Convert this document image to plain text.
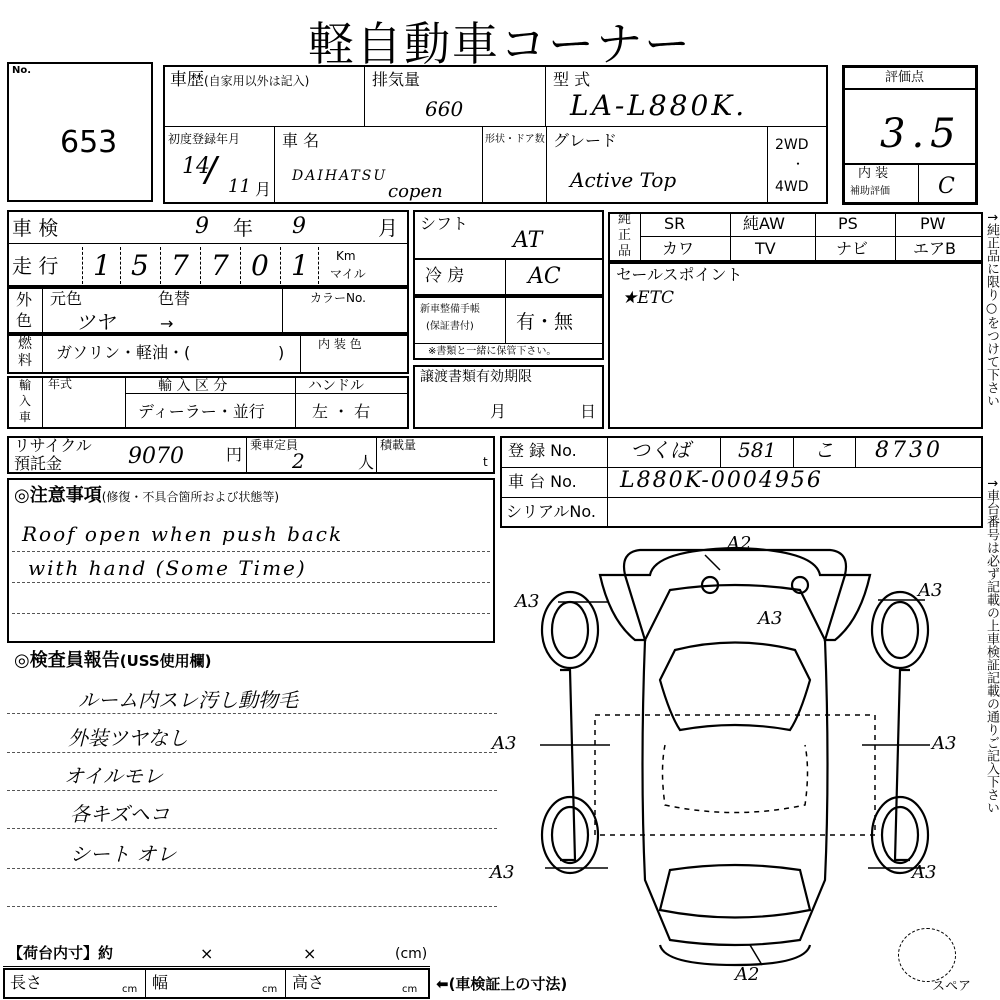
軽自動車コーナー
No.
653
車歴(自家用以外は記入)	排気量
660
型 式
LA-L880K.
初度登録年月
14
/ 11 月
車 名
DAIHATSU
copen
形状・ドア数 グレード
Active Top
2WD
・
4WD
評価点
3.5
内 装
補助評価 C
車 検	9 年 9	月
走 行 1 5 7 7 0 1 Km
マイル
外
色
元色	色替	カラーNo.
ツヤ	→
燃
料 ガソリン・軽油・(	)	内 装 色
輸
入
車
年式	輸 入 区 分	ハンドル
ディーラー・並行	左 ・ 右
シフト
AT
冷 房	AC
新車整備手帳
(保証書付) 有・無
※書類と一緒に保管下さい。
譲渡書類有効期限
月	日
純
正
品
SR	純AW	PS	PW
カワ	TV	ナビ	エアB
セールスポイント
★ETC
リサイクル
預託金	9070	円 乗車定員
2	人
積載量
t
登 録 No.	つくば 581 こ 8730
車 台 No. L880K-0004956
シリアルNo.
◎注意事項(修復・不具合箇所および状態等)
Roof open when push back
with hand (Some Time)
◎検査員報告(USS使用欄)
ルーム内スレ汚し動物毛
外装ツヤなし
オイルモレ
各キズヘコ
シート オレ
A2
A3
A3
A3
A3	A3
A3	A3
A2
スペア
【荷台内寸】約	×	×	(cm)
長さ	cm 幅	cm 高さ	cm ⬅(車検証上の寸法)
↑純正品に限り○をつけて下さい
↑車台番号は必ず記載の上車検証記載の通りご記入下さい
